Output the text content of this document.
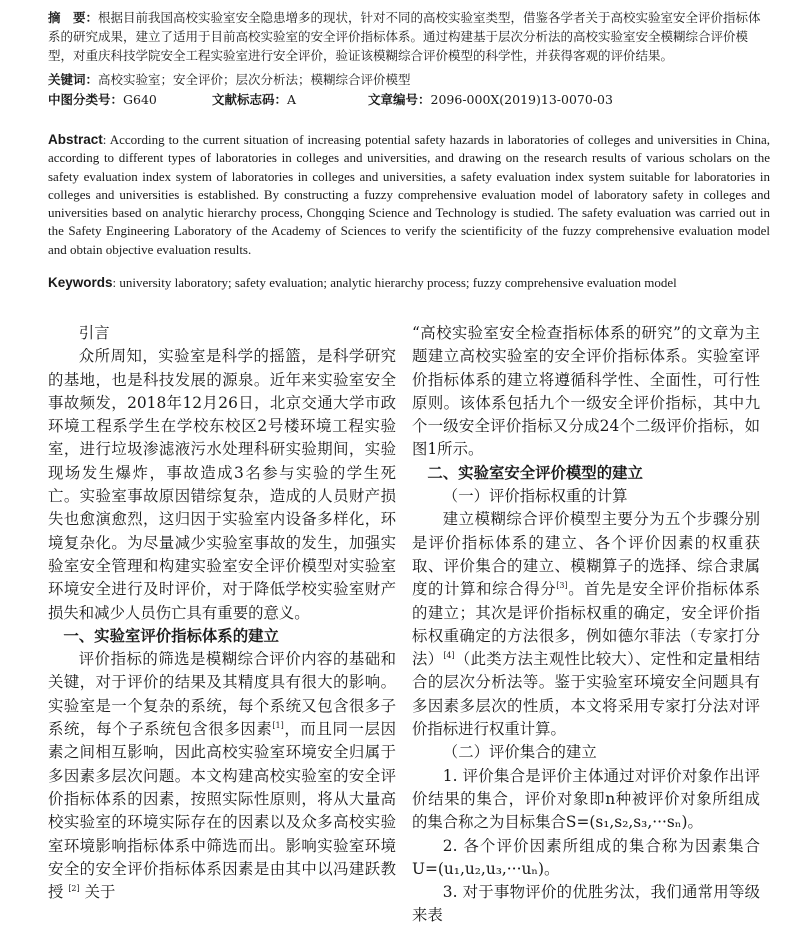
摘　要：根据目前我国高校实验室安全隐患增多的现状，针对不同的高校实验室类型，借鉴各学者关于高校实验室安全评价指标体系的研究成果，建立了适用于目前高校实验室的安全评价指标体系。通过构建基于层次分析法的高校实验室安全模糊综合评价模型，对重庆科技学院安全工程实验室进行安全评价，验证该模糊综合评价模型的科学性，并获得客观的评价结果。
关键词：高校实验室；安全评价；层次分析法；模糊综合评价模型
中图分类号：G640	文献标志码：A	文章编号：2096-000X(2019)13-0070-03
Abstract: According to the current situation of increasing potential safety hazards in laboratories of colleges and universities in China, according to different types of laboratories in colleges and universities, and drawing on the research results of various scholars on the safety evaluation index system of laboratories in colleges and universities, a safety evaluation index system suitable for laboratories in colleges and universities is established. By constructing a fuzzy comprehensive evaluation model of laboratory safety in colleges and universities based on analytic hierarchy process, Chongqing Science and Technology is studied. The safety evaluation was carried out in the Safety Engineering Laboratory of the Academy of Sciences to verify the scientificity of the fuzzy comprehensive evaluation model and obtain objective evaluation results.
Keywords: university laboratory; safety evaluation; analytic hierarchy process; fuzzy comprehensive evaluation model
引言

众所周知，实验室是科学的摇篮，是科学研究的基地，也是科技发展的源泉。近年来实验室安全事故频发，2018年12月26日，北京交通大学市政环境工程系学生在学校东校区2号楼环境工程实验室，进行垃圾渗滤液污水处理科研实验期间，实验现场发生爆炸，事故造成3名参与实验的学生死亡。实验室事故原因错综复杂，造成的人员财产损失也愈演愈烈，这归因于实验室内设备多样化，环境复杂化。为尽量减少实验室事故的发生，加强实验室安全管理和构建实验室安全评价模型对实验室环境安全进行及时评价，对于降低学校实验室财产损失和减少人员伤亡具有重要的意义。

一、实验室评价指标体系的建立

评价指标的筛选是模糊综合评价内容的基础和关键，对于评价的结果及其精度具有很大的影响。实验室是一个复杂的系统，每个系统又包含很多子系统，每个子系统包含很多因素[1]，而且同一层因素之间相互影响，因此高校实验室环境安全归属于多因素多层次问题。本文构建高校实验室的安全评价指标体系的因素，按照实际性原则，将从大量高校实验室的环境实际存在的因素以及众多高校实验室环境影响指标体系中筛选而出。影响实验室环境安全的安全评价指标体系因素是由其中以冯建跃教授 [2] 关于

“高校实验室安全检查指标体系的研究”的文章为主题建立高校实验室的安全评价指标体系。实验室评价指标体系的建立将遵循科学性、全面性，可行性原则。该体系包括九个一级安全评价指标，其中九个一级安全评价指标又分成24个二级评价指标，如图1所示。

二、实验室安全评价模型的建立
（一）评价指标权重的计算

建立模糊综合评价模型主要分为五个步骤分别是评价指标体系的建立、各个评价因素的权重获取、评价集合的建立、模糊算子的选择、综合隶属度的计算和综合得分[3]。首先是安全评价指标体系的建立；其次是评价指标权重的确定，安全评价指标权重确定的方法很多，例如德尔菲法（专家打分法）[4]（此类方法主观性比较大）、定性和定量相结合的层次分析法等。鉴于实验室环境安全问题具有多因素多层次的性质，本文将采用专家打分法对评价指标进行权重计算。

（二）评价集合的建立

1. 评价集合是评价主体通过对评价对象作出评价结果的集合，评价对象即n种被评价对象所组成的集合称之为目标集合S=(s₁,s₂,s₃,···sₙ)。

2. 各个评价因素所组成的集合称为因素集合U=(u₁,u₂,u₃,···uₙ)。

3. 对于事物评价的优胜劣汰，我们通常用等级来表
